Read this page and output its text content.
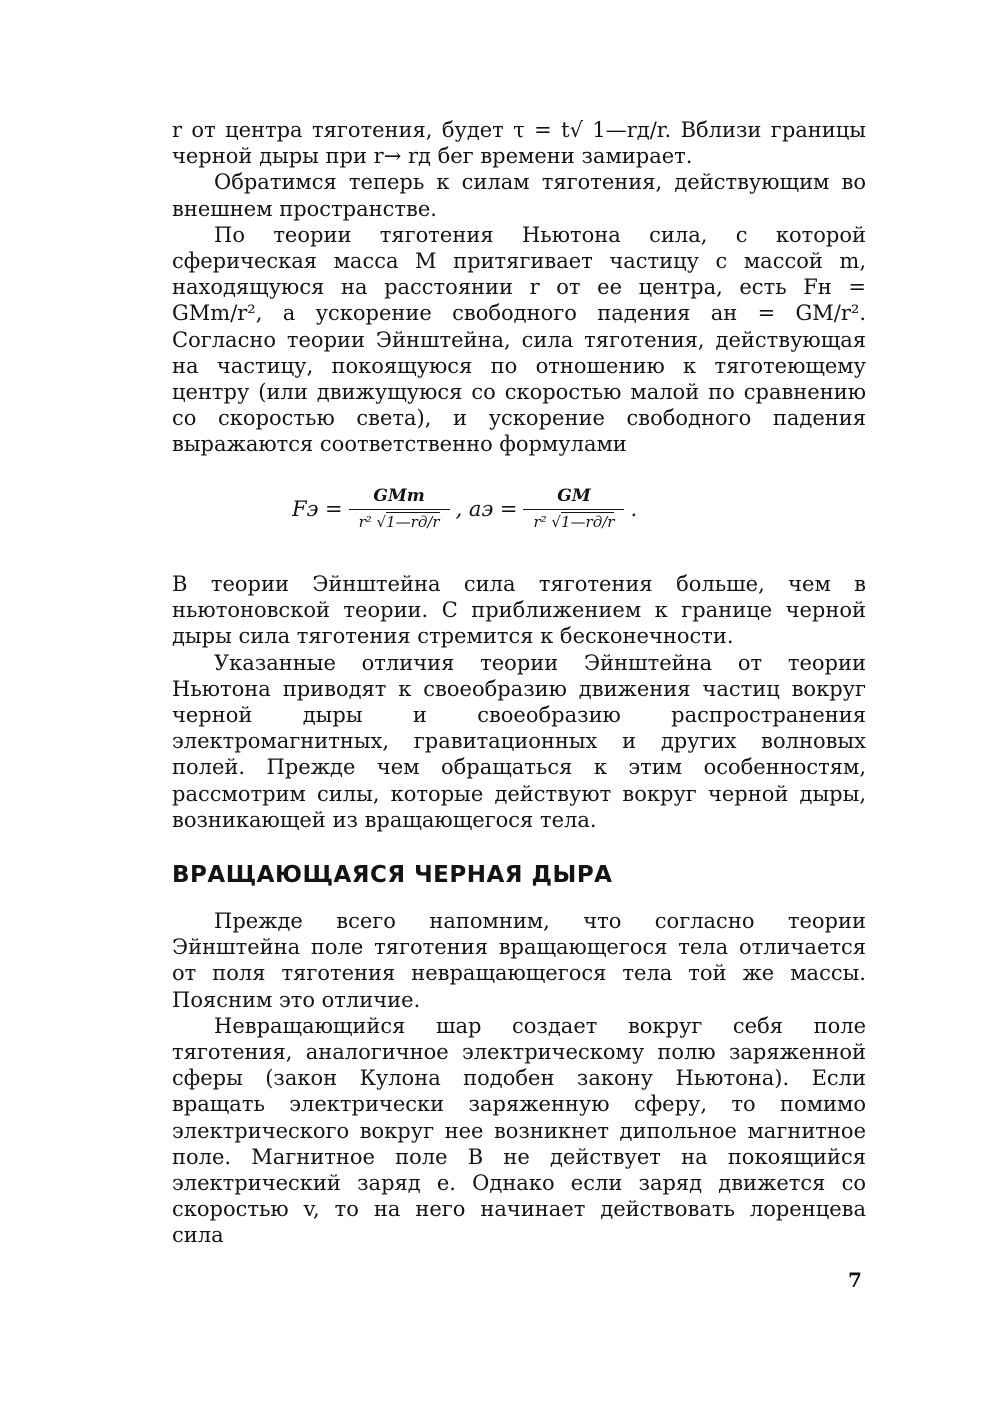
r от центра тяготения, будет τ = t√ 1—rд/r. Вблизи границы черной дыры при r→ rд бег времени замирает.

Обратимся теперь к силам тяготения, действующим во внешнем пространстве.

По теории тяготения Ньютона сила, с которой сферическая масса M притягивает частицу с массой m, находящуюся на расстоянии r от ее центра, есть Fн = GMm/r², а ускорение свободного падения aн = GM/r². Согласно теории Эйнштейна, сила тяготения, действующая на частицу, покоящуюся по отношению к тяготеющему центру (или движущуюся со скоростью малой по сравнению со скоростью света), и ускорение свободного падения выражаются соответственно формулами

Fэ = $\frac{\text{GMm}}{\text{r² √1—rд/r}}$ , aэ = $\frac{GM}{\text{r² √1—rд/r}}$ .

В теории Эйнштейна сила тяготения больше, чем в ньютоновской теории. С приближением к границе черной дыры сила тяготения стремится к бесконечности.

Указанные отличия теории Эйнштейна от теории Ньютона приводят к своеобразию движения частиц вокруг черной дыры и своеобразию распространения электромагнитных, гравитационных и других волновых полей. Прежде чем обращаться к этим особенностям, рассмотрим силы, которые действуют вокруг черной дыры, возникающей из вращающегося тела.

ВРАЩАЮЩАЯСЯ ЧЕРНАЯ ДЫРА

Прежде всего напомним, что согласно теории Эйнштейна поле тяготения вращающегося тела отличается от поля тяготения невращающегося тела той же массы. Поясним это отличие.

Невращающийся шар создает вокруг себя поле тяготения, аналогичное электрическому полю заряженной сферы (закон Кулона подобен закону Ньютона). Если вращать электрически заряженную сферу, то помимо электрического вокруг нее возникнет дипольное магнитное поле. Магнитное поле B не действует на покоящийся электрический заряд e. Однако если заряд движется со скоростью v, то на него начинает действовать лоренцева сила

7
